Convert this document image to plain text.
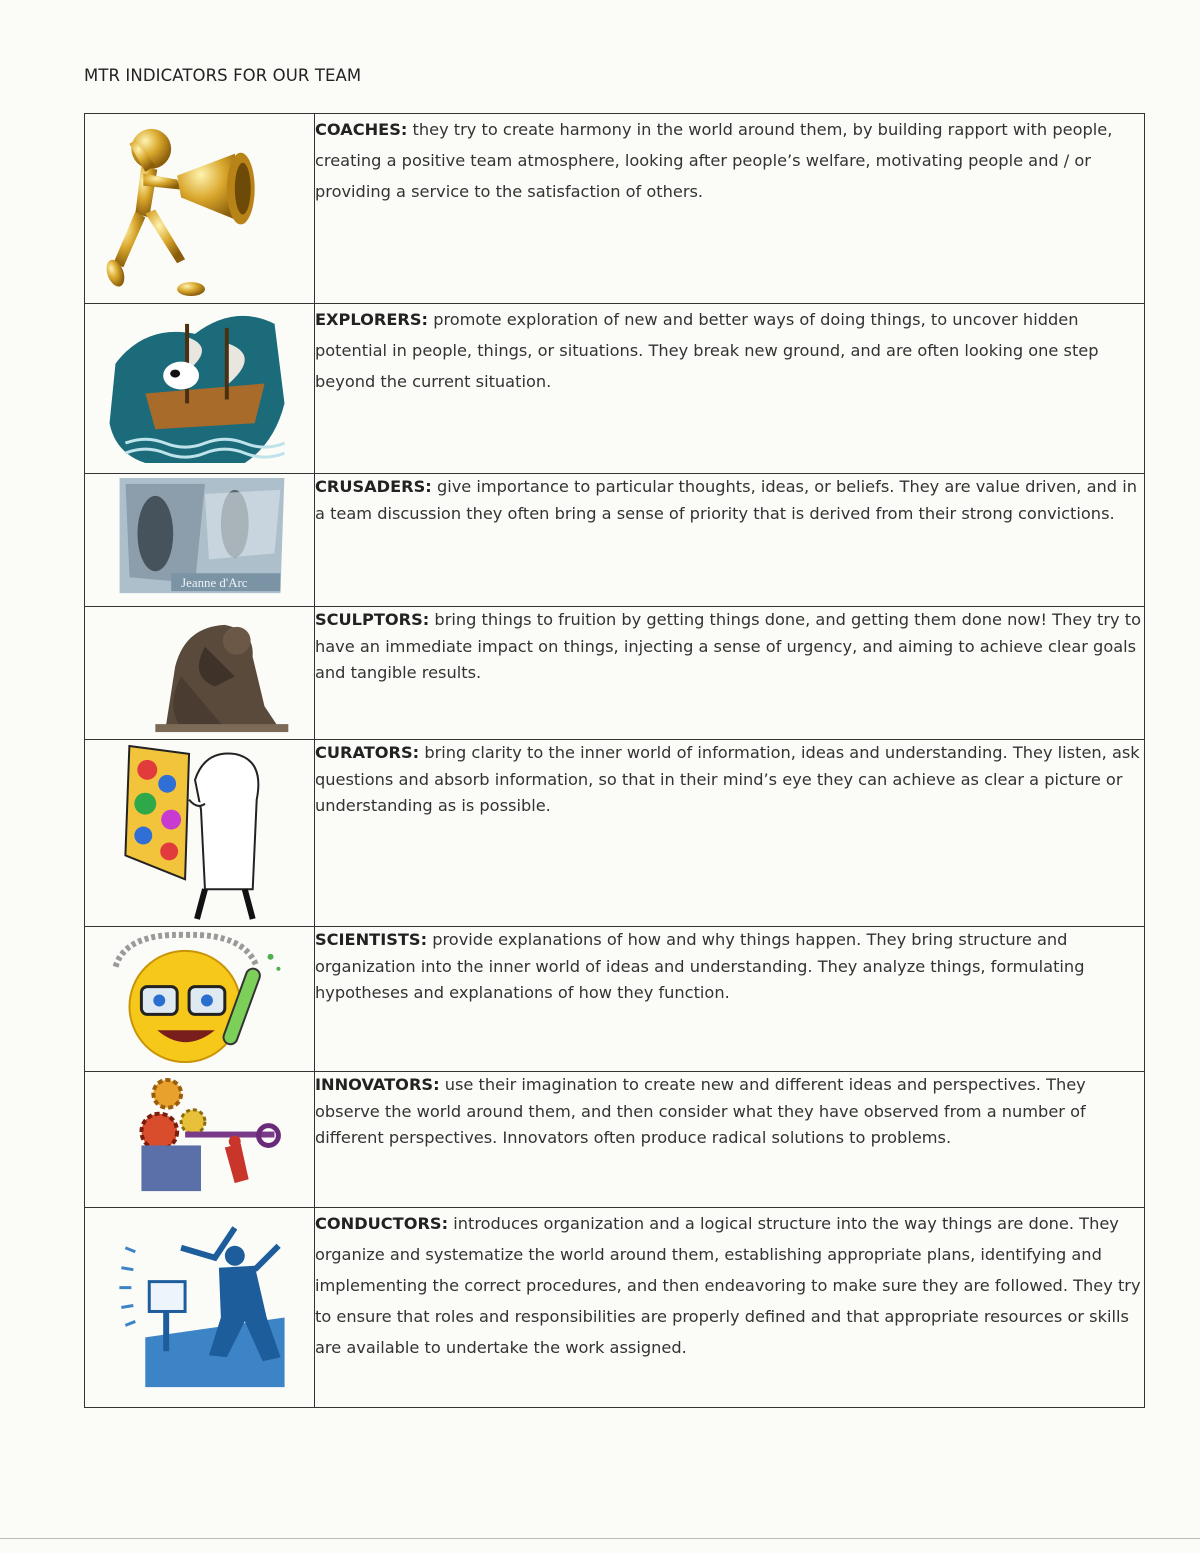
MTR INDICATORS FOR OUR TEAM
	COACHES: they try to create harmony in the world around them, by building rapport with people, creating a positive team atmosphere, looking after people’s welfare, motivating people and / or providing a service to the satisfaction of others.

	EXPLORERS: promote exploration of new and better ways of doing things, to uncover hidden potential in people, things, or situations. They break new ground, and are often looking one step beyond the current situation.

Jeanne d'Arc	CRUSADERS: give importance to particular thoughts, ideas, or beliefs. They are value driven, and in a team discussion they often bring a sense of priority that is derived from their strong convictions.

	SCULPTORS: bring things to fruition by getting things done, and getting them done now! They try to have an immediate impact on things, injecting a sense of urgency, and aiming to achieve clear goals and tangible results.

	CURATORS: bring clarity to the inner world of information, ideas and understanding. They listen, ask questions and absorb information, so that in their mind’s eye they can achieve as clear a picture or understanding as is possible.

	SCIENTISTS: provide explanations of how and why things happen. They bring structure and organization into the inner world of ideas and understanding. They analyze things, formulating hypotheses and explanations of how they function.

	INNOVATORS: use their imagination to create new and different ideas and perspectives. They observe the world around them, and then consider what they have observed from a number of different perspectives. Innovators often produce radical solutions to problems.

	CONDUCTORS: introduces organization and a logical structure into the way things are done. They organize and systematize the world around them, establishing appropriate plans, identifying and implementing the correct procedures, and then endeavoring to make sure they are followed. They try to ensure that roles and responsibilities are properly defined and that appropriate resources or skills are available to undertake the work assigned.
